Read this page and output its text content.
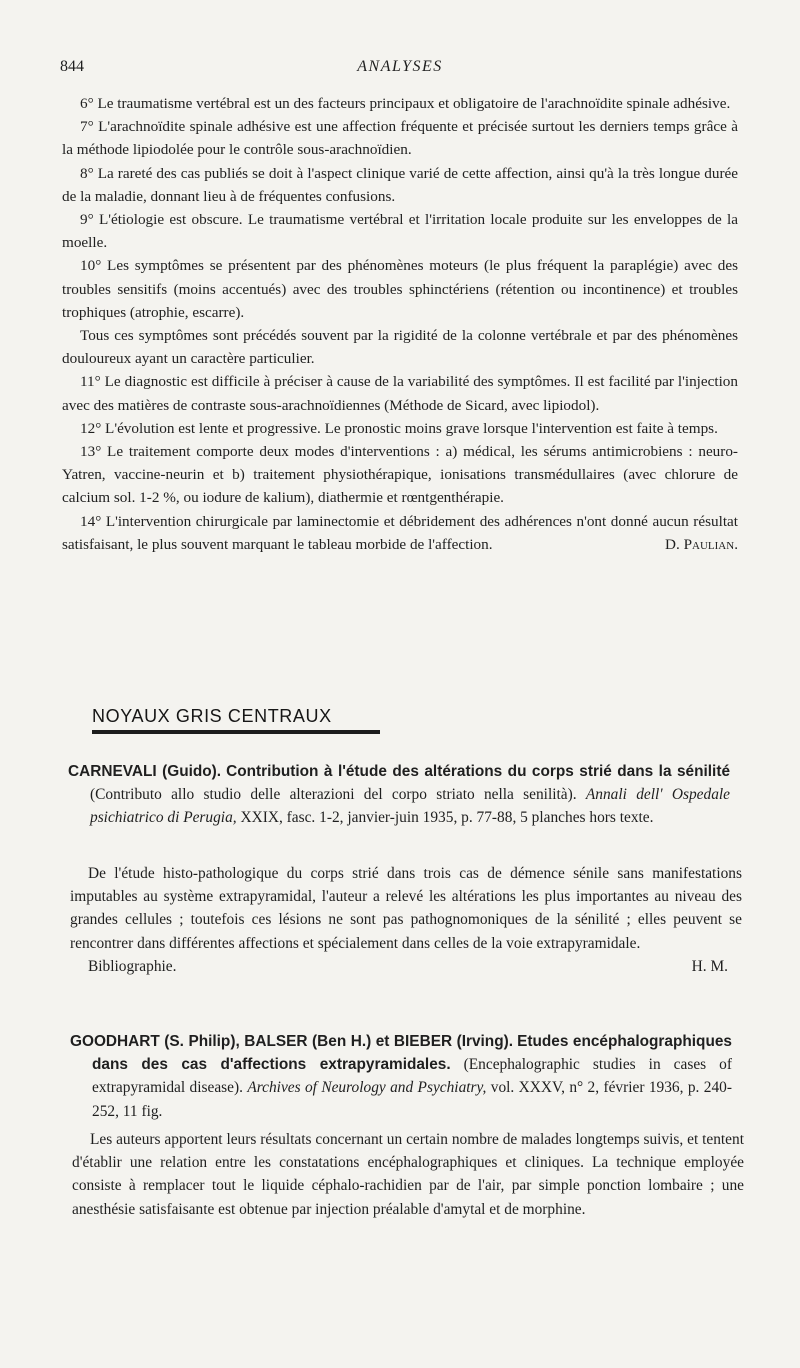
844	ANALYSES

6° Le traumatisme vertébral est un des facteurs principaux et obligatoire de l'arachnoïdite spinale adhésive.

7° L'arachnoïdite spinale adhésive est une affection fréquente et précisée surtout les derniers temps grâce à la méthode lipiodolée pour le contrôle sous-arachnoïdien.

8° La rareté des cas publiés se doit à l'aspect clinique varié de cette affection, ainsi qu'à la très longue durée de la maladie, donnant lieu à de fréquentes confusions.

9° L'étiologie est obscure. Le traumatisme vertébral et l'irritation locale produite sur les enveloppes de la moelle.

10° Les symptômes se présentent par des phénomènes moteurs (le plus fréquent la paraplégie) avec des troubles sensitifs (moins accentués) avec des troubles sphinctériens (rétention ou incontinence) et troubles trophiques (atrophie, escarre).

Tous ces symptômes sont précédés souvent par la rigidité de la colonne vertébrale et par des phénomènes douloureux ayant un caractère particulier.

11° Le diagnostic est difficile à préciser à cause de la variabilité des symptômes. Il est facilité par l'injection avec des matières de contraste sous-arachnoïdiennes (Méthode de Sicard, avec lipiodol).

12° L'évolution est lente et progressive. Le pronostic moins grave lorsque l'intervention est faite à temps.

13° Le traitement comporte deux modes d'interventions : a) médical, les sérums antimicrobiens : neuro-Yatren, vaccine-neurin et b) traitement physiothérapique, ionisations transmédullaires (avec chlorure de calcium sol. 1-2 %, ou iodure de kalium), diathermie et rœntgenthérapie.

14° L'intervention chirurgicale par laminectomie et débridement des adhérences n'ont donné aucun résultat satisfaisant, le plus souvent marquant le tableau morbide de l'affection.	D. Paulian.

NOYAUX GRIS CENTRAUX

CARNEVALI (Guido). Contribution à l'étude des altérations du corps strié dans la sénilité (Contributo allo studio delle alterazioni del corpo striato nella senilità). Annali dell' Ospedale psichiatrico di Perugia, XXIX, fasc. 1-2, janvier-juin 1935, p. 77-88, 5 planches hors texte.

De l'étude histo-pathologique du corps strié dans trois cas de démence sénile sans manifestations imputables au système extrapyramidal, l'auteur a relevé les altérations les plus importantes au niveau des grandes cellules ; toutefois ces lésions ne sont pas pathognomoniques de la sénilité ; elles peuvent se rencontrer dans différentes affections et spécialement dans celles de la voie extrapyramidale.

Bibliographie.	H. M.

GOODHART (S. Philip), BALSER (Ben H.) et BIEBER (Irving). Etudes encéphalographiques dans des cas d'affections extrapyramidales. (Encephalographic studies in cases of extrapyramidal disease). Archives of Neurology and Psychiatry, vol. XXXV, n° 2, février 1936, p. 240-252, 11 fig.

Les auteurs apportent leurs résultats concernant un certain nombre de malades longtemps suivis, et tentent d'établir une relation entre les constatations encéphalographiques et cliniques. La technique employée consiste à remplacer tout le liquide céphalo-rachidien par de l'air, par simple ponction lombaire ; une anesthésie satisfaisante est obtenue par injection préalable d'amytal et de morphine.
